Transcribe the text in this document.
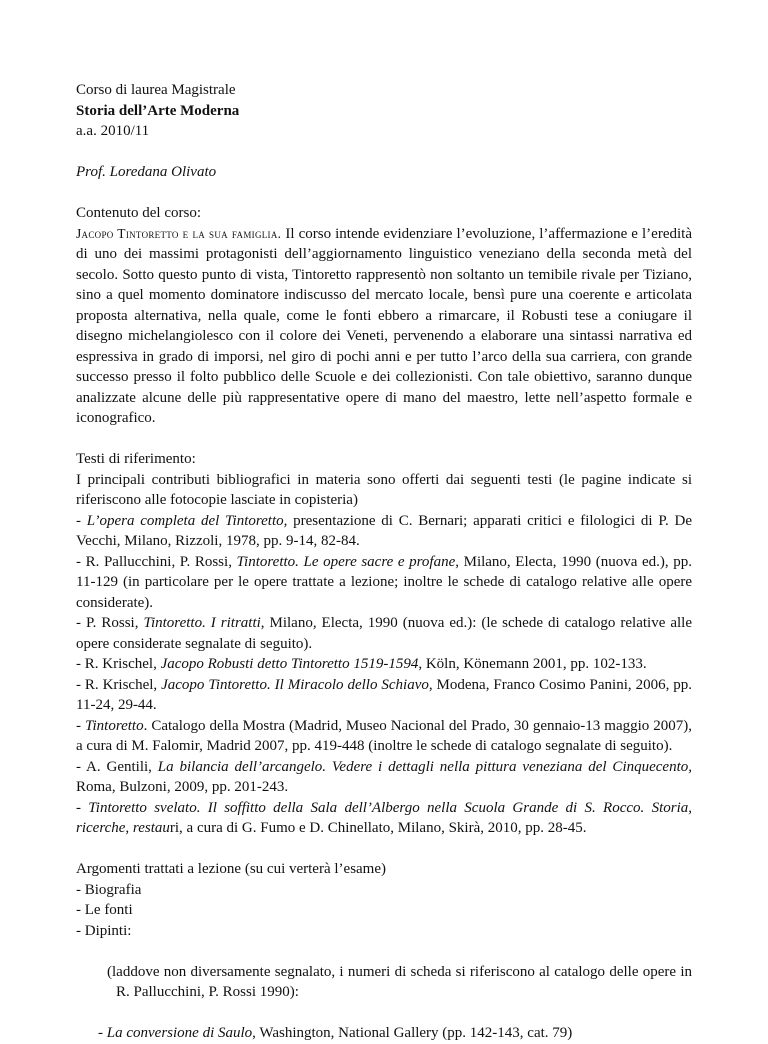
Corso di laurea Magistrale
Storia dell’Arte Moderna
a.a. 2010/11
Prof. Loredana Olivato
Contenuto del corso:

Jacopo Tintoretto e la sua famiglia. Il corso intende evidenziare l’evoluzione, l’affermazione e l’eredità di uno dei massimi protagonisti dell’aggiornamento linguistico veneziano della seconda metà del secolo. Sotto questo punto di vista, Tintoretto rappresentò non soltanto un temibile rivale per Tiziano, sino a quel momento dominatore indiscusso del mercato locale, bensì pure una coerente e articolata proposta alternativa, nella quale, come le fonti ebbero a rimarcare, il Robusti tese a coniugare il disegno michelangiolesco con il colore dei Veneti, pervenendo a elaborare una sintassi narrativa ed espressiva in grado di imporsi, nel giro di pochi anni e per tutto l’arco della sua carriera, con grande successo presso il folto pubblico delle Scuole e dei collezionisti. Con tale obiettivo, saranno dunque analizzate alcune delle più rappresentative opere di mano del maestro, lette nell’aspetto formale e iconografico.

Testi di riferimento:

I principali contributi bibliografici in materia sono offerti dai seguenti testi (le pagine indicate si riferiscono alle fotocopie lasciate in copisteria)

- L’opera completa del Tintoretto, presentazione di C. Bernari; apparati critici e filologici di P. De Vecchi, Milano, Rizzoli, 1978, pp. 9-14, 82-84.

- R. Pallucchini, P. Rossi, Tintoretto. Le opere sacre e profane, Milano, Electa, 1990 (nuova ed.), pp. 11-129 (in particolare per le opere trattate a lezione; inoltre le schede di catalogo relative alle opere considerate).

- P. Rossi, Tintoretto. I ritratti, Milano, Electa, 1990 (nuova ed.): (le schede di catalogo relative alle opere considerate segnalate di seguito).

- R. Krischel, Jacopo Robusti detto Tintoretto 1519-1594, Köln, Könemann 2001, pp. 102-133.

- R. Krischel, Jacopo Tintoretto. Il Miracolo dello Schiavo, Modena, Franco Cosimo Panini, 2006, pp. 11-24, 29-44.

- Tintoretto. Catalogo della Mostra (Madrid, Museo Nacional del Prado, 30 gennaio-13 maggio 2007), a cura di M. Falomir, Madrid 2007, pp. 419-448 (inoltre le schede di catalogo segnalate di seguito).

- A. Gentili, La bilancia dell’arcangelo. Vedere i dettagli nella pittura veneziana del Cinquecento, Roma, Bulzoni, 2009, pp. 201-243.

- Tintoretto svelato. Il soffitto della Sala dell’Albergo nella Scuola Grande di S. Rocco. Storia, ricerche, restauri, a cura di G. Fumo e D. Chinellato, Milano, Skirà, 2010, pp. 28-45.

Argomenti trattati a lezione (su cui verterà l’esame)
- Biografia
- Le fonti
- Dipinti:

(laddove non diversamente segnalato, i numeri di scheda si riferiscono al catalogo delle opere in R. Pallucchini, P. Rossi 1990):

- La conversione di Saulo, Washington, National Gallery (pp. 142-143, cat. 79)
